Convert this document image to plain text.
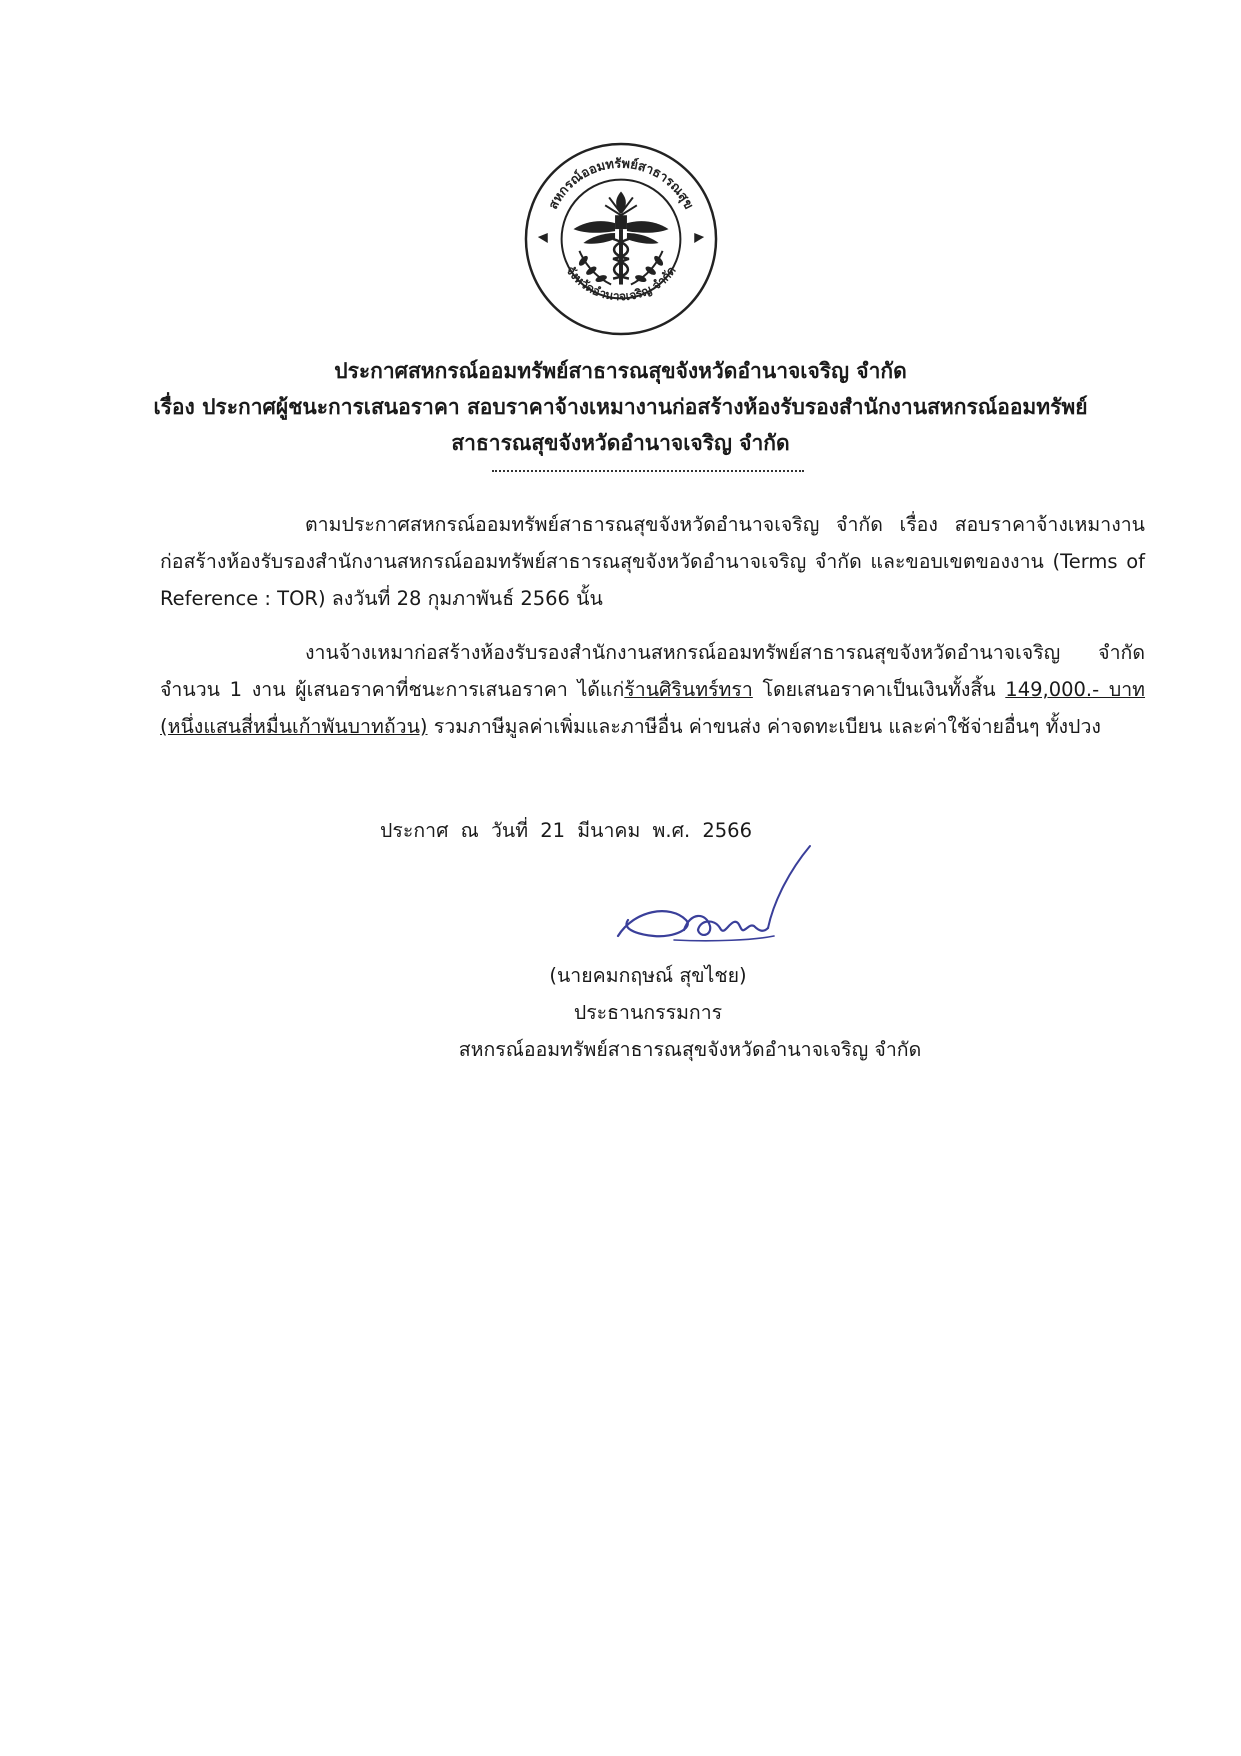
สหกรณ์ออมทรัพย์สาธารณสุข
จังหวัดอำนาจเจริญ จำกัด
ประกาศสหกรณ์ออมทรัพย์สาธารณสุขจังหวัดอำนาจเจริญ จำกัด
เรื่อง ประกาศผู้ชนะการเสนอราคา สอบราคาจ้างเหมางานก่อสร้างห้องรับรองสำนักงานสหกรณ์ออมทรัพย์
สาธารณสุขจังหวัดอำนาจเจริญ จำกัด
ตามประกาศสหกรณ์ออมทรัพย์สาธารณสุขจังหวัดอำนาจเจริญ จำกัด เรื่อง สอบราคาจ้างเหมางานก่อสร้างห้องรับรองสำนักงานสหกรณ์ออมทรัพย์สาธารณสุขจังหวัดอำนาจเจริญ จำกัด และขอบเขตของงาน (Terms of Reference : TOR) ลงวันที่ 28 กุมภาพันธ์ 2566 นั้น
งานจ้างเหมาก่อสร้างห้องรับรองสำนักงานสหกรณ์ออมทรัพย์สาธารณสุขจังหวัดอำนาจเจริญ จำกัด จำนวน 1 งาน ผู้เสนอราคาที่ชนะการเสนอราคา ได้แก่ร้านศิรินทร์ทรา โดยเสนอราคาเป็นเงินทั้งสิ้น 149,000.- บาท (หนึ่งแสนสี่หมื่นเก้าพันบาทถ้วน) รวมภาษีมูลค่าเพิ่มและภาษีอื่น ค่าขนส่ง ค่าจดทะเบียน และค่าใช้จ่ายอื่นๆ ทั้งปวง
ประกาศ ณ วันที่ 21 มีนาคม พ.ศ. 2566
(นายคมกฤษณ์ สุขไชย)
ประธานกรรมการ
สหกรณ์ออมทรัพย์สาธารณสุขจังหวัดอำนาจเจริญ จำกัด
